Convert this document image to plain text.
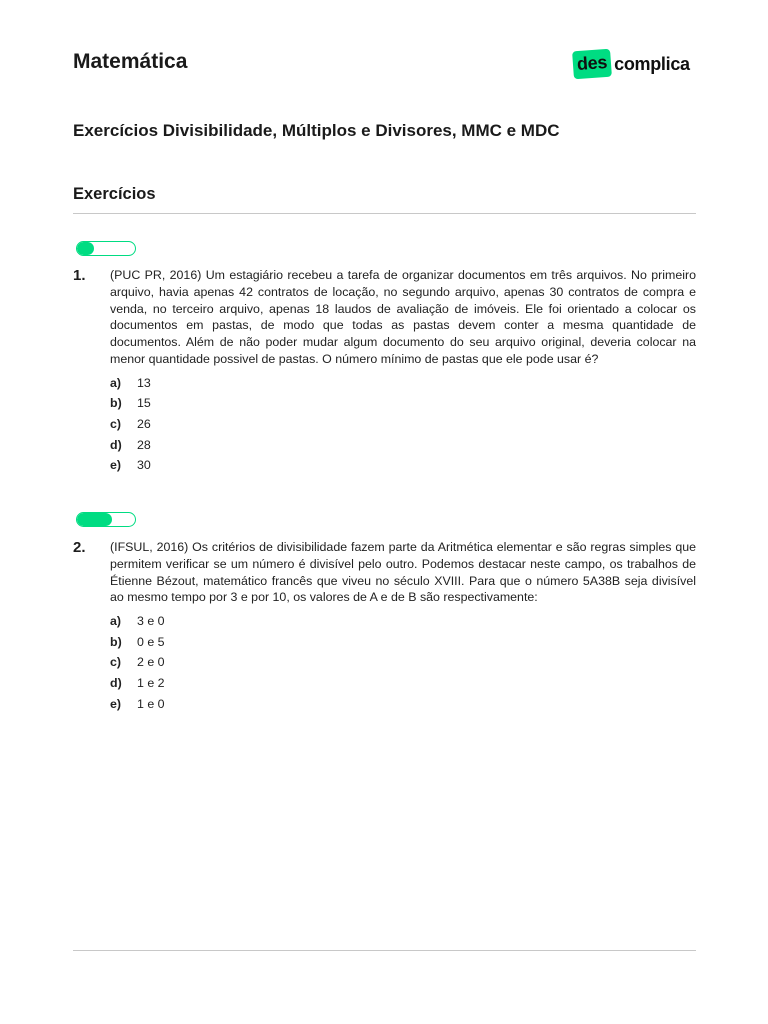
Matemática	des complica
Exercícios Divisibilidade, Múltiplos e Divisores, MMC e MDC
Exercícios
1. (PUC PR, 2016) Um estagiário recebeu a tarefa de organizar documentos em três arquivos. No primeiro arquivo, havia apenas 42 contratos de locação, no segundo arquivo, apenas 30 contratos de compra e venda, no terceiro arquivo, apenas 18 laudos de avaliação de imóveis. Ele foi orientado a colocar os documentos em pastas, de modo que todas as pastas devem conter a mesma quantidade de documentos. Além de não poder mudar algum documento do seu arquivo original, deveria colocar na menor quantidade possivel de pastas. O número mínimo de pastas que ele pode usar é?
a)	13
b)	15
c)	26
d)	28
e)	30
2. (IFSUL, 2016) Os critérios de divisibilidade fazem parte da Aritmética elementar e são regras simples que permitem verificar se um número é divisível pelo outro. Podemos destacar neste campo, os trabalhos de Étienne Bézout, matemático francês que viveu no século XVIII. Para que o número 5A38B seja divisível ao mesmo tempo por 3 e por 10, os valores de A e de B são respectivamente:
a)	3 e 0
b)	0 e 5
c)	2 e 0
d)	1 e 2
e)	1 e 0
